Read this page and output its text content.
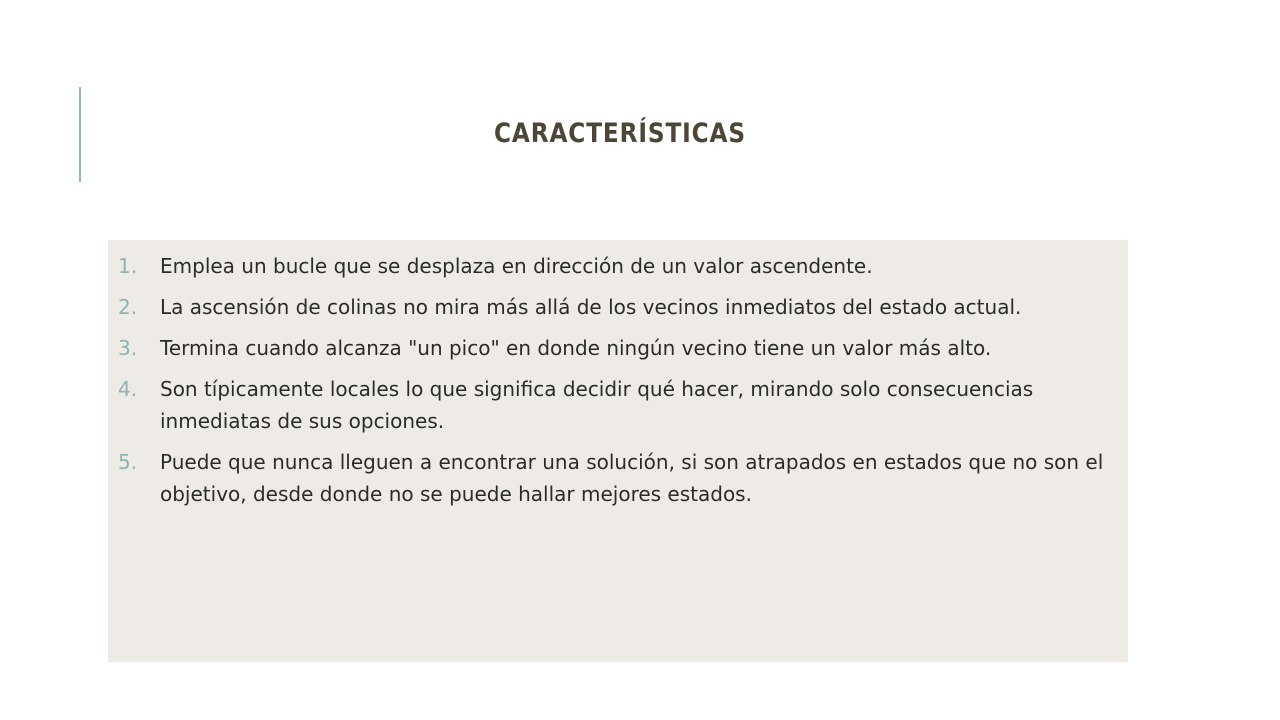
CARACTERÍSTICAS
1. Emplea un bucle que se desplaza en dirección de un valor ascendente.
2. La ascensión de colinas no mira más allá de los vecinos inmediatos del estado actual.
3. Termina cuando alcanza "un pico" en donde ningún vecino tiene un valor más alto.
4. Son típicamente locales lo que significa decidir qué hacer, mirando solo consecuencias inmediatas de sus opciones.
5. Puede que nunca lleguen a encontrar una solución, si son atrapados en estados que no son el objetivo, desde donde no se puede hallar mejores estados.
